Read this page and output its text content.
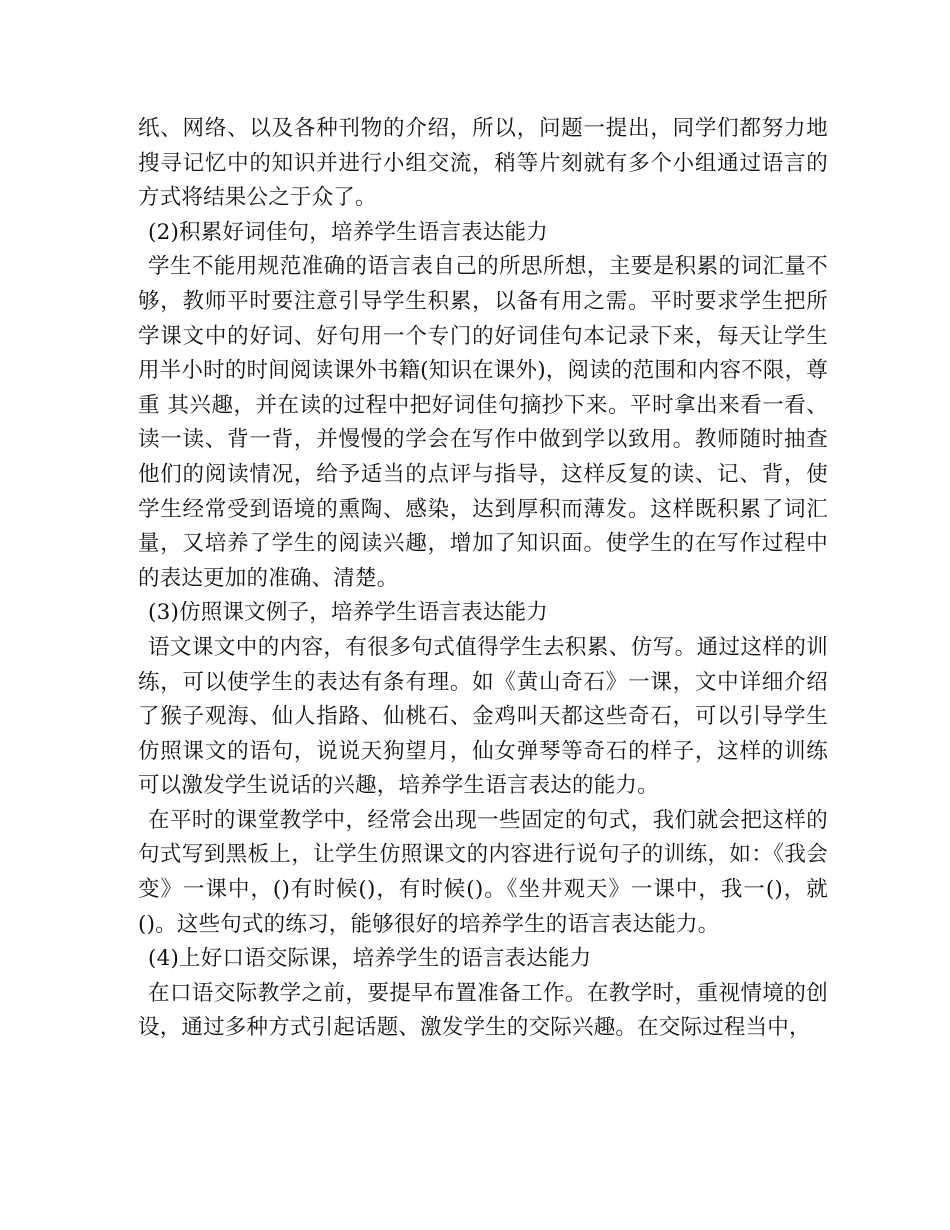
纸、网络、以及各种刊物的介绍，所以，问题一提出，同学们都努力地搜寻记忆中的知识并进行小组交流，稍等片刻就有多个小组通过语言的方式将结果公之于众了。

(2)积累好词佳句，培养学生语言表达能力

学生不能用规范准确的语言表自己的所思所想，主要是积累的词汇量不够，教师平时要注意引导学生积累，以备有用之需。平时要求学生把所学课文中的好词、好句用一个专门的好词佳句本记录下来，每天让学生用半小时的时间阅读课外书籍(知识在课外)，阅读的范围和内容不限，尊重 其兴趣，并在读的过程中把好词佳句摘抄下来。平时拿出来看一看、读一读、背一背，并慢慢的学会在写作中做到学以致用。教师随时抽查他们的阅读情况，给予适当的点评与指导，这样反复的读、记、背，使学生经常受到语境的熏陶、感染，达到厚积而薄发。这样既积累了词汇量，又培养了学生的阅读兴趣，增加了知识面。使学生的在写作过程中的表达更加的准确、清楚。

(3)仿照课文例子，培养学生语言表达能力

语文课文中的内容，有很多句式值得学生去积累、仿写。通过这样的训练，可以使学生的表达有条有理。如《黄山奇石》一课，文中详细介绍了猴子观海、仙人指路、仙桃石、金鸡叫天都这些奇石，可以引导学生仿照课文的语句，说说天狗望月，仙女弹琴等奇石的样子，这样的训练可以激发学生说话的兴趣，培养学生语言表达的能力。

在平时的课堂教学中，经常会出现一些固定的句式，我们就会把这样的句式写到黑板上，让学生仿照课文的内容进行说句子的训练，如：《我会变》一课中，()有时候()，有时候()。《坐井观天》一课中，我一()，就()。这些句式的练习，能够很好的培养学生的语言表达能力。

(4)上好口语交际课，培养学生的语言表达能力

在口语交际教学之前，要提早布置准备工作。在教学时，重视情境的创设，通过多种方式引起话题、激发学生的交际兴趣。在交际过程当中，
